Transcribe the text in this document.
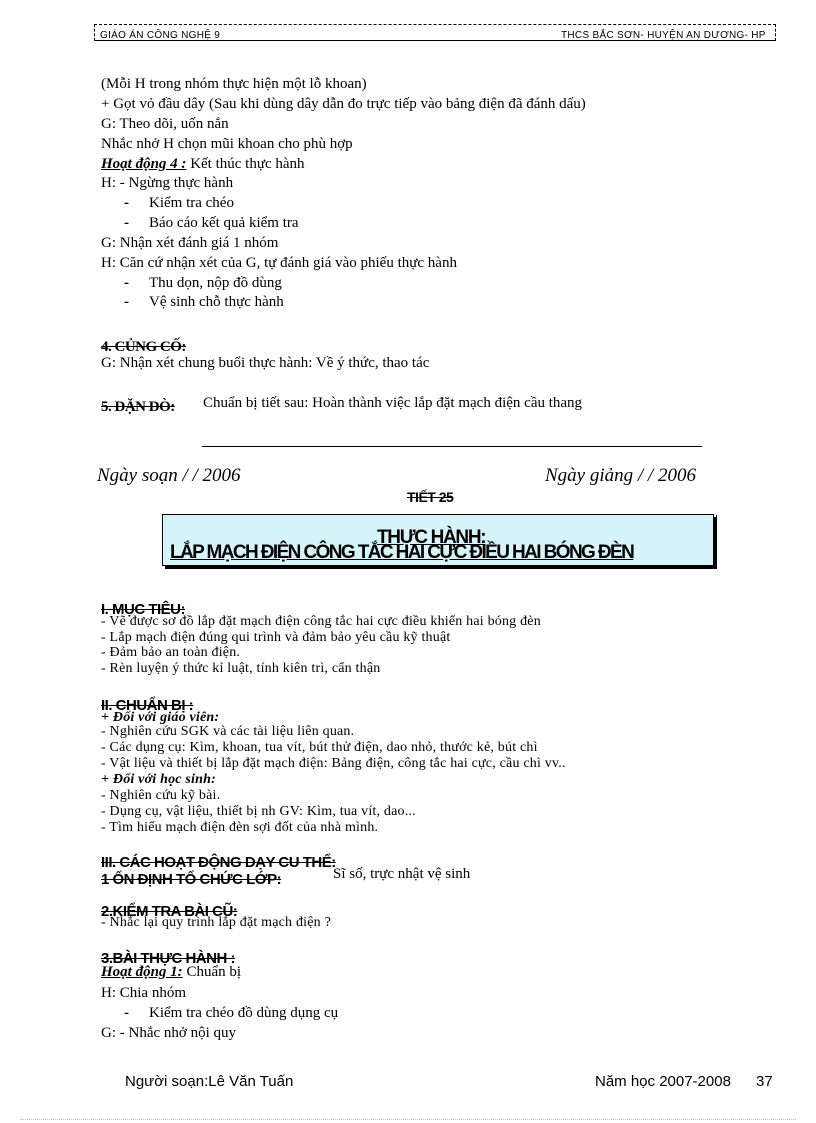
GIÁO ÁN CÔNG NGHỆ 9	THCS BẮC SƠN- HUYỆN AN DƯƠNG- HP
(Mỗi H trong nhóm thực hiện một lỗ khoan)
+ Gọt vỏ đầu dây (Sau khi dùng dây dẫn đo trực tiếp vào bảng điện đã đánh dấu)
G: Theo dõi, uốn nắn
Nhắc nhở H chọn mũi khoan cho phù hợp
Hoạt động 4 : Kết thúc thực hành
H: - Ngừng thực hành
- Kiểm tra chéo
- Báo cáo kết quả kiểm tra
G: Nhận xét đánh giá 1 nhóm
H: Căn cứ nhận xét của G, tự đánh giá vào phiếu thực hành
- Thu dọn, nộp đồ dùng
- Vệ sinh chỗ thực hành
4. CỦNG CỐ:
G: Nhận xét chung buổi thực hành: Về ý thức, thao tác
5. DẶN DÒ: Chuẩn bị tiết sau: Hoàn thành việc lắp đặt mạch điện cầu thang
Ngày soạn / / 2006	Ngày giảng / / 2006
TIẾT 25
THỰC HÀNH:
LẮP MẠCH ĐIỆN CÔNG TẮC HAI CỰC ĐIỀU HAI BÓNG ĐÈN
I. MỤC TIÊU:
- Vẽ được sơ đồ lắp đặt mạch điện công tắc hai cực điều khiển hai bóng đèn
- Lắp mạch điện đúng qui trình và đảm bảo yêu cầu kỹ thuật
- Đảm bảo an toàn điện.
- Rèn luyện ý thức kỉ luật, tính kiên trì, cẩn thận
II. CHUẨN BỊ :
+ Đối với giáo viên:
- Nghiên cứu SGK và các tài liệu liên quan.
- Các dụng cụ: Kìm, khoan, tua vít, bút thử điện, dao nhỏ, thước kẻ, bút chì
- Vật liệu và thiết bị lắp đặt mạch điện: Bảng điện, công tắc hai cực, cầu chì vv..
+ Đối với học sinh:
- Nghiên cứu kỹ bài.
- Dụng cụ, vật liệu, thiết bị nh GV: Kìm, tua vít, dao...
- Tìm hiểu mạch điện đèn sợi đốt của nhà mình.
III. CÁC HOẠT ĐỘNG DẠY CU THỂ:
1 ỔN ĐỊNH TỔ CHỨC LỚP:	Sĩ số, trực nhật vệ sinh
2.KIỂM TRA BÀI CŨ:
- Nhắc lại quy trình lắp đặt mạch điện ?
3.BÀI THỰC HÀNH :
Hoạt động 1: Chuẩn bị
H: Chia nhóm
- Kiểm tra chéo đồ dùng dụng cụ
G: - Nhắc nhở nội quy
Người soạn:Lê Văn Tuấn	Năm học 2007-2008 37
